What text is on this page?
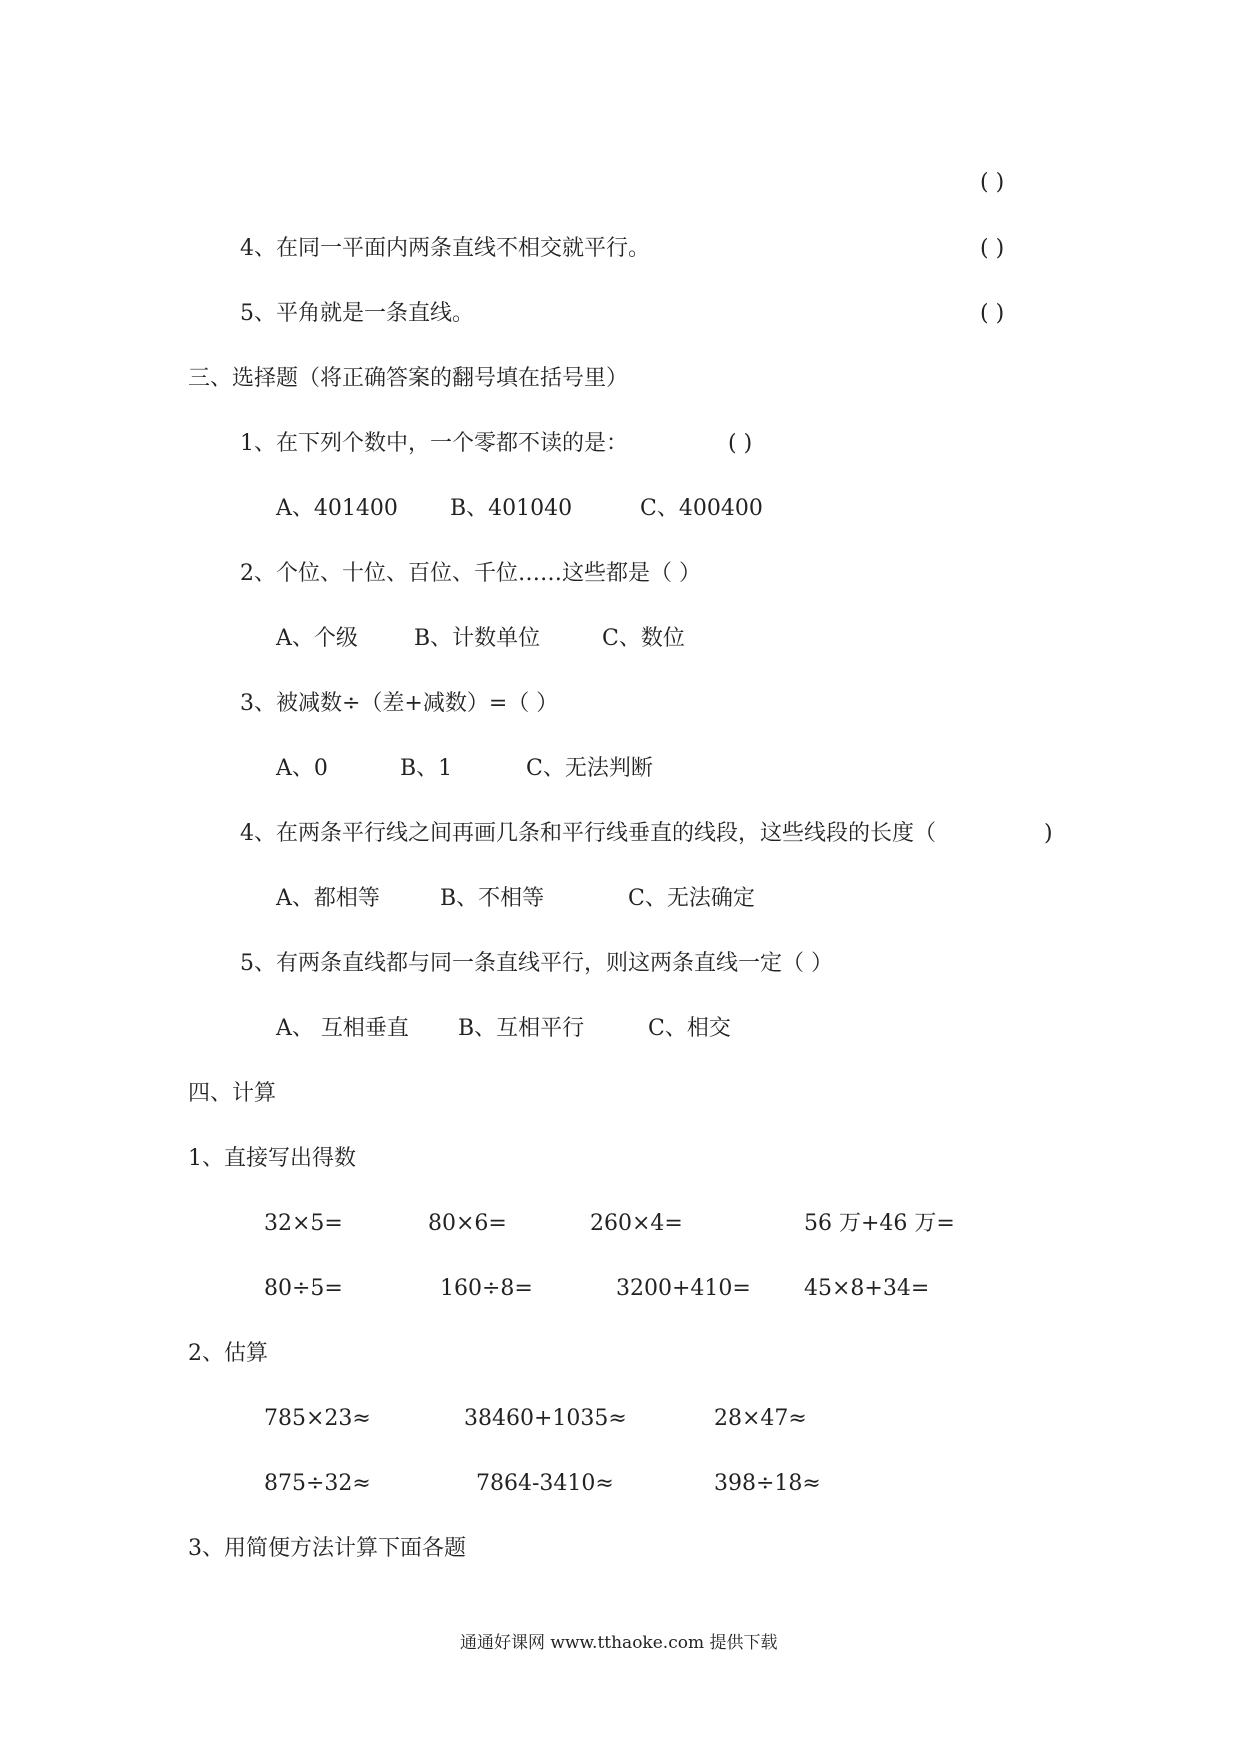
( )
4、在同一平面内两条直线不相交就平行。	( )
5、平角就是一条直线。	( )
三、选择题（将正确答案的翻号填在括号里）
1、在下列个数中，一个零都不读的是：	( )
A、401400 B、401040	C、400400
2、个位、十位、百位、千位……这些都是（ ）
A、个级	B、计数单位	C、数位
3、被减数÷（差+减数）=（ ）
A、0	B、1	C、无法判断
4、在两条平行线之间再画几条和平行线垂直的线段，这些线段的长度（	)
A、都相等	B、不相等	C、无法确定
5、有两条直线都与同一条直线平行，则这两条直线一定（ ）
A、 互相垂直 B、互相平行	C、相交
四、计算
1、直接写出得数
32×5=	80×6=	260×4=	56 万+46 万=
80÷5=	160÷8=	3200+410= 45×8+34=
2、估算
785×23≈	38460+1035≈	28×47≈
875÷32≈	7864-3410≈	398÷18≈
3、用简便方法计算下面各题
通通好课网 www.tthaoke.com 提供下载
